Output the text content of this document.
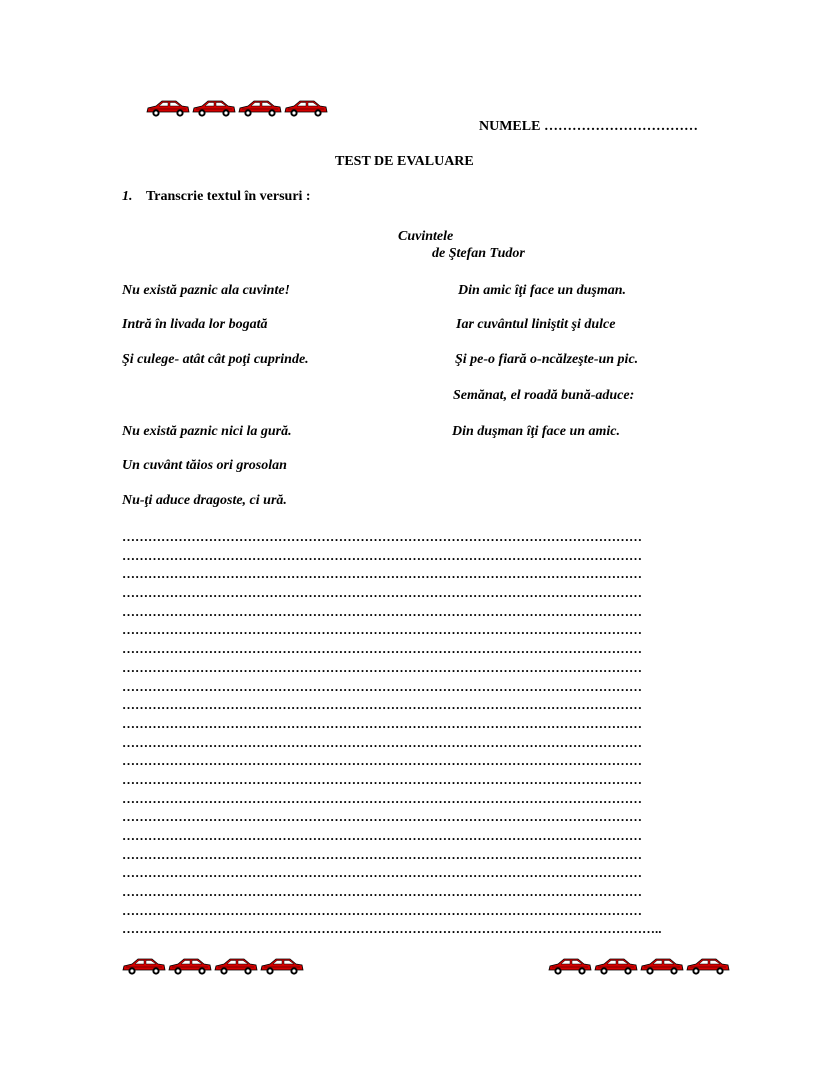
NUMELE ……………………………
TEST DE EVALUARE
1. Transcrie textul în versuri :
Cuvintele
de Ştefan Tudor
Nu există paznic ala cuvinte!
Intră în livada lor bogată
Şi culege- atât cât poţi cuprinde.
Nu există paznic nici la gură.
Un cuvânt tăios ori grosolan
Nu-ţi aduce dragoste, ci ură.
Din amic îţi face un duşman.
Iar cuvântul liniştit şi dulce
Şi pe-o fiară o-ncălzeşte-un pic.
Semănat, el roadă bună-aduce:
Din duşman îţi face un amic.
…………………………………………………………………………………………………………
…………………………………………………………………………………………………………
…………………………………………………………………………………………………………
…………………………………………………………………………………………………………
…………………………………………………………………………………………………………
…………………………………………………………………………………………………………
…………………………………………………………………………………………………………
…………………………………………………………………………………………………………
…………………………………………………………………………………………………………
…………………………………………………………………………………………………………
…………………………………………………………………………………………………………
…………………………………………………………………………………………………………
…………………………………………………………………………………………………………
…………………………………………………………………………………………………………
…………………………………………………………………………………………………………
…………………………………………………………………………………………………………
…………………………………………………………………………………………………………
…………………………………………………………………………………………………………
…………………………………………………………………………………………………………
…………………………………………………………………………………………………………
…………………………………………………………………………………………………………
……………………………………………………………………………………………………………..
